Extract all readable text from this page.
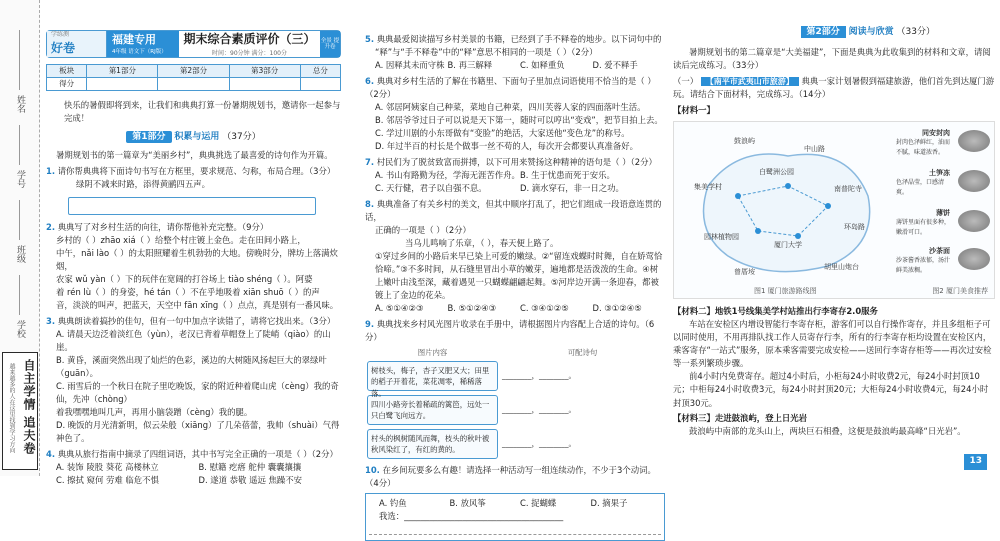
姓名
学号
班级
学校
自主学情 追夫卷
越来越多的人在这里找到学习方向
学练测
好卷
福建专用
4年级 语文下（RJ版）
期末综合素质评价（三）
时间：90分钟 满分：100分
全景 提升卷
板块	第1部分	第2部分	第3部分	总分
得分				
快乐的暑假即将到来，让我们和典典打算一份暑期规划书，邀请你一起参与完成！
第1部分 积累与运用 （37分）
暑期规划书的第一篇章为“美丽乡村”，典典挑选了最喜爱的诗句作为开篇。
1. 请你帮典典将下面诗句书写在方框里，要求规范、匀称，布局合理。（3分）
绿阴不减来时路，添得黄鹂四五声。
2. 典典写了对乡村生活的向往，请你帮他补充完整。（9分）
乡村的（ ）zhāo xiá（ ）给整个村庄镀上金色。走在田间小路上，
中午，nǎi lào（ ）的太阳照耀着生机勃勃的大地。傍晚时分，牌坊上落满炊烟，
农家 wǔ yàn（ ）下的玩伴在宽阔的打谷场上 tiào shéng（ ）。阿婆
着 rén lù（ ）的身姿，hé tán（ ）不在乎地吸着 xiān shuō（ ）的声
音，淡淡的叫声，把蓝天，天空中 fān xīng（ ）点点，真是别有一番风味。
3. 典典朗读着搞抄的佳句，但有一句中加点字读错了，请将它找出来。（3分）
A. 请晨天边泛着淡红色（yùn），老汉已背着草帽登上了陡峭（qiào）的山崖。
B. 黄昏，溪面突然出现了灿烂的色彩，溪边的大树随风扬起巨大的翠绿叶（guān）。
C. 雨雪后的一个秋日在院子里吃晚饭，家的附近种着爬山虎（cèng）我的奇仙，先冲（chòng）
着我嘿嘿地叫几声，再用小脑袋蹭（cèng）我的腿。
D. 晚饭的月光清新明，似云朵般（xiāng）了几朵蓓蕾，我帅（shuài）气得神色了。
4. 典典从旅行指南中摘录了四组词语，其中书写完全正确的一项是（ ）（2分）
A. 装饰 陵股 葵花 高楼林立	B. 慰籍 疙瘩 舵仲 囊囊攘攘
C. 擦拭 窥何 劳难 临危不惧	D. 遂道 恭敬 遥远 焦躁不安
5. 典典最爱阅读描写乡村美景的书籍，已经到了手不释卷的地步。以下词句中的
“释”与“手不释卷”中的“释”意思不相同的一项是（ ）（2分）
A. 因释其未而守株 B. 再三解释	C. 如释重负	D. 爱不释手
6. 典典对乡村生活的了解在书籍里、下面句子里加点词语使用不恰当的是（ ）（2分）
A. 邻居阿姨家自己种菜，菜地自己种菜，四川芙蓉人家的四面落叶生活。
B. 邻居爷爷过日子可以说是天下第一，随时可以哼出“变戏”，把节目拍上去。
C. 学过川剧的小东哥做有“变脸”的绝活，大家送他“变色龙”的称号。
D. 年过半百的村长是个做事一丝不苟的人，每次开会都要认真准备好。
7. 村民们为了脱贫致富而拼搏，以下可用来赞扬这种精神的语句是（ ）（2分）
A. 书山有路勤为径，学海无涯苦作舟。 B. 生于忧患而死于安乐。
C. 天行健，君子以自强不息。	D. 滴水穿石，非一日之功。
8. 典典准备了有关乡村的美文，但其中顺序打乱了，把它们组成一段语意连贯的话，
正确的一项是（ ）（2分）
当乌儿鸣响了乐章，（ ），春天便上路了。
①穿过乡间的小路后来早已染上可爱的嫩绿。②“留连戏蝶时时舞，自在娇莺恰恰啼。”③不多时间，从石缝里冒出小草的嫩芽，遍地都是活泼泼的生命。④树上嫩叶由浅至深，藏着遇见一只蝴蝶翩翩起舞。⑤河岸边开满一条迎春，都被镀上了金边的花朵。
A. ⑤①④②③	B. ⑤①②④③	C. ③④①②⑤	D. ③①②④⑤
9. 典典找来乡村风光图片收录在手册中，请根据图片内容配上合适的诗句。（6分）
图片内容	可配诗句

树枝头，梅子，杏子又肥又大；田里的稻子开着花，菜花凋零，稀稀落落。	________，________。

四川小路旁长着稀疏的篱笆，远处一只白鹭飞向远方。	________，________。

村头的枫树随风而舞，枝头的秋叶被秋风染红了，有红的黄的。	________，________。
10. 在乡间玩要多么有趣！请选择一种活动写一组连续动作，不少于3个动词。（4分）
A. 钓鱼	B. 放风筝	C. 捉蝴蝶	D. 摘果子
我选：______________________________________
第2部分 阅读与欣赏 （33分）
暑期规划书的第二篇章是“大美福建”，下面是典典为此收集到的材料和文章，请阅读后完成练习。（33分）
（一） 【南平市武夷山市旅游】 典典一家计划暑假到福建旅游，他们首先到达厦门游玩。请结合下面材料，完成练习。（14分）
【材料一】
鼓浪屿
中山路
集美学村
白鹭洲公园
南普陀寺
园林植物园
厦门大学
胡里山炮台
曾厝垵
环岛路
图1 厦门旅游路线图
同安封肉
封肉色泽鲜红，油而不腻，味道浓香。
土笋冻
色泽晶莹，口感清爽。
薄饼
薄饼里面有很多种，嫩滑可口。
沙茶面
沙茶酱香浓郁，汤汁鲜美浓稠。
图2 厦门美食推荐
【材料二】地铁1号线集美学村站推出行李寄存2.0服务
车站在安检区内增设智能行李寄存柜，游客们可以自行操作寄存，并且多组柜子可以同时使用，不用再排队找工作人员寄存行李，所有的行李寄存柜均设置在安检区内，乘客寄存“一站式”服务，原本乘客需要完成安检——送回行李寄存柜等——再次过安检等一系列繁琐步骤。
前4小时内免费寄存。超过4小时后，小柜每24小时收费2元，每24小时封顶10元；中柜每24小时收费3元，每24小时封顶20元；大柜每24小时收费4元，每24小时封顶30元。
【材料三】走进鼓浪屿，登上日光岩
鼓浪屿中南部的龙头山上，两块巨石相叠，这便是鼓浪屿最高峰“日光岩”。
13
